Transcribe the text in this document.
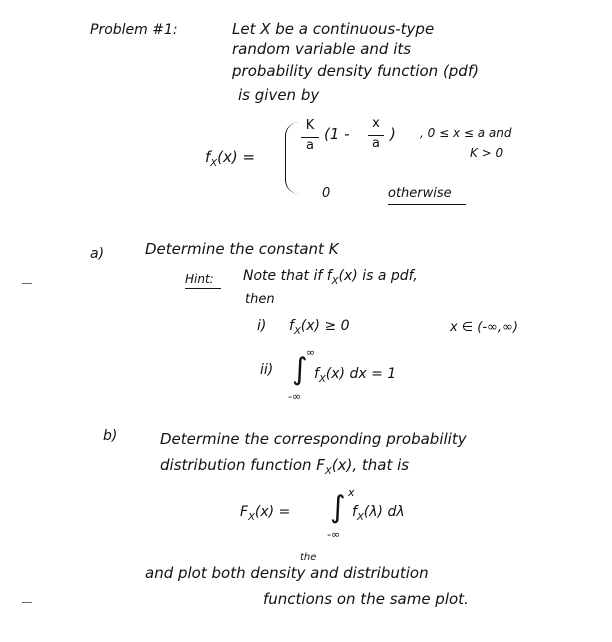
Problem #1:	Let X be a continuous-type
random variable and its
probability density function (pdf)
is given by
$f_X(x)$ =
K
a
(1 -
x
a
) , 0 ≤ x ≤ a and
K > 0
0	otherwise
a)	Determine the constant K
Hint: Note that if $f_X(x)$ is a pdf,
then
i) $f_X(x) \ge 0$	x ∈ (-∞,∞)
ii)
∞
∫
-∞
$f_X(x)$ dx = 1
b)	Determine the corresponding probability
distribution function $F_X(x)$, that is
$F_X(x)$ =
x
∫
-∞
$f_X(\lambda)$ dλ
the
and plot both density and distribution
functions on the same plot.
